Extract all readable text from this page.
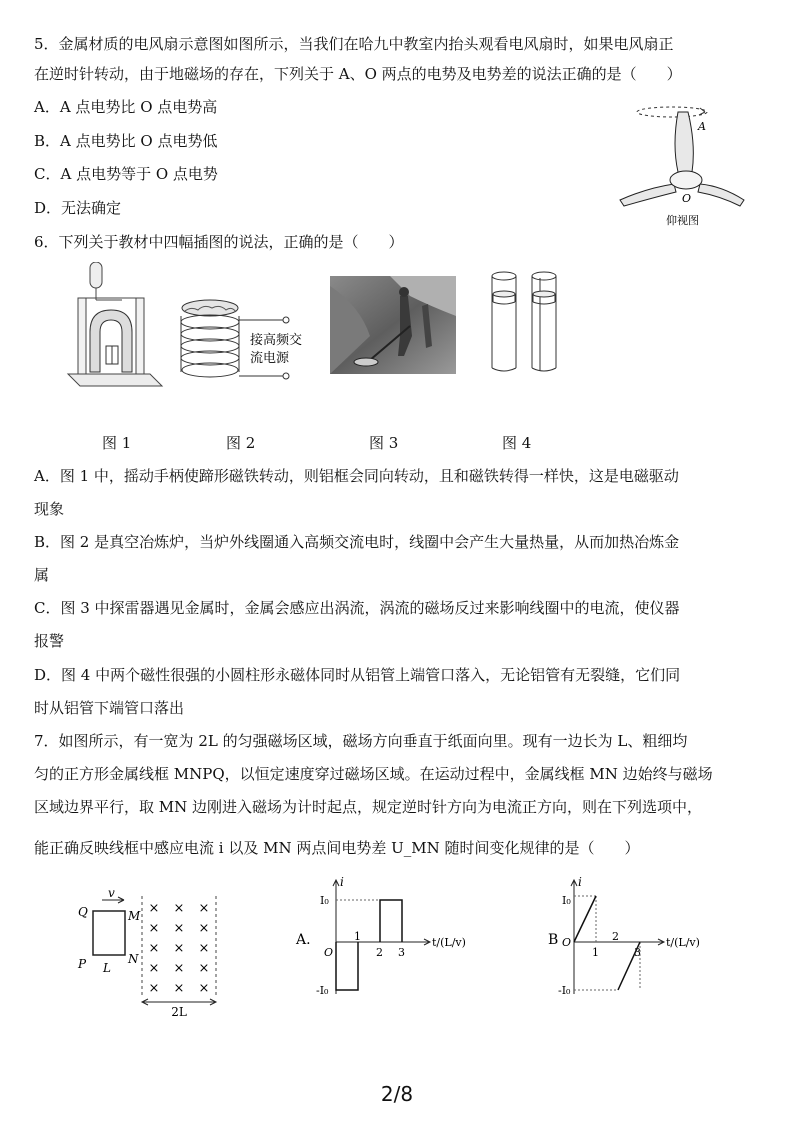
5．金属材质的电风扇示意图如图所示，当我们在哈九中教室内抬头观看电风扇时，如果电风扇正
在逆时针转动，由于地磁场的存在，下列关于 A、O 两点的电势及电势差的说法正确的是（　　）
A．A 点电势比 O 点电势高
B．A 点电势比 O 点电势低
C．A 点电势等于 O 点电势
D．无法确定
A
O
仰视图
6．下列关于教材中四幅插图的说法，正确的是（　　）
接高频交
流电源
图 1	图 2	图 3	图 4
A．图 1 中，摇动手柄使蹄形磁铁转动，则铝框会同向转动，且和磁铁转得一样快，这是电磁驱动
现象
B．图 2 是真空冶炼炉，当炉外线圈通入高频交流电时，线圈中会产生大量热量，从而加热冶炼金
属
C．图 3 中探雷器遇见金属时，金属会感应出涡流，涡流的磁场反过来影响线圈中的电流，使仪器
报警
D．图 4 中两个磁性很强的小圆柱形永磁体同时从铝管上端管口落入，无论铝管有无裂缝，它们同
时从铝管下端管口落出
7．如图所示，有一宽为 2L 的匀强磁场区域，磁场方向垂直于纸面向里。现有一边长为 L、粗细均
匀的正方形金属线框 MNPQ，以恒定速度穿过磁场区域。在运动过程中，金属线框 MN 边始终与磁场
区域边界平行，取 MN 边刚进入磁场为计时起点，规定逆时针方向为电流正方向，则在下列选项中，
能正确反映线框中感应电流 i 以及 MN 两点间电势差 U_MN 随时间变化规律的是（　　）
v
Q	M
P	N
L
× × ×
× × ×
× × ×
× × ×
× × ×
2L
A.
i
I₀
-I₀
O
1
2 3
t/(L/v)	B
i
I₀
-I₀
O
1
2
3
t/(L/v)
2/8
